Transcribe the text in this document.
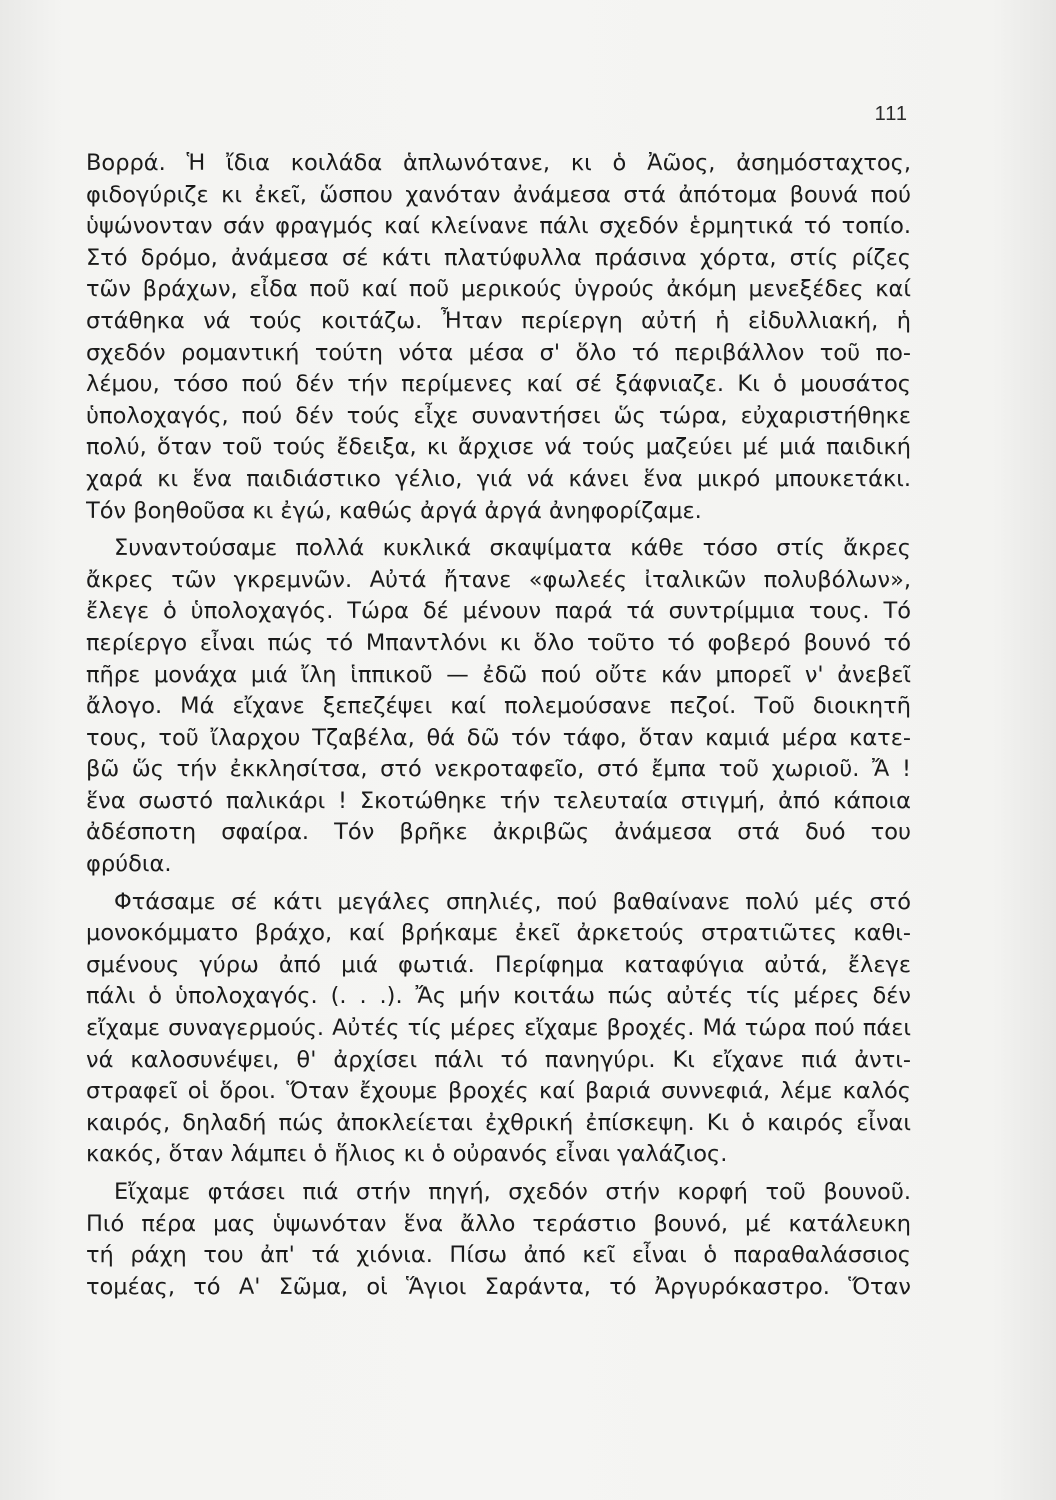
111

Βορρά. Ἡ ἴδια κοιλάδα ἁπλωνότανε, κι ὁ Ἀῶος, ἀσημόσταχτος,
φιδογύριζε κι ἐκεῖ, ὥσπου χανόταν ἀνάμεσα στά ἀπότομα βουνά πού
ὑψώνονταν σάν φραγμός καί κλείνανε πάλι σχεδόν ἑρμητικά τό τοπίο.
Στό δρόμο, ἀνάμεσα σέ κάτι πλατύφυλλα πράσινα χόρτα, στίς ρίζες
τῶν βράχων, εἶδα ποῦ καί ποῦ μερικούς ὑγρούς ἀκόμη μενεξέδες καί
στάθηκα νά τούς κοιτάζω. Ἦταν περίεργη αὐτή ἡ εἰδυλλιακή, ἡ
σχεδόν ρομαντική τούτη νότα μέσα σ' ὅλο τό περιβάλλον τοῦ πο-
λέμου, τόσο πού δέν τήν περίμενες καί σέ ξάφνιαζε. Κι ὁ μουσάτος
ὑπολοχαγός, πού δέν τούς εἶχε συναντήσει ὥς τώρα, εὐχαριστήθηκε
πολύ, ὅταν τοῦ τούς ἔδειξα, κι ἄρχισε νά τούς μαζεύει μέ μιά παιδική
χαρά κι ἕνα παιδιάστικο γέλιο, γιά νά κάνει ἕνα μικρό μπουκετάκι.
Τόν βοηθοῦσα κι ἐγώ, καθώς ἀργά ἀργά ἀνηφορίζαμε.

Συναντούσαμε πολλά κυκλικά σκαψίματα κάθε τόσο στίς ἄκρες
ἄκρες τῶν γκρεμνῶν. Αὐτά ἤτανε «φωλεές ἰταλικῶν πολυβόλων»,
ἔλεγε ὁ ὑπολοχαγός. Τώρα δέ μένουν παρά τά συντρίμμια τους. Τό
περίεργο εἶναι πώς τό Μπαντλόνι κι ὅλο τοῦτο τό φοβερό βουνό τό
πῆρε μονάχα μιά ἴλη ἱππικοῦ — ἐδῶ πού οὔτε κάν μπορεῖ ν' ἀνεβεῖ
ἄλογο. Μά εἴχανε ξεπεζέψει καί πολεμούσανε πεζοί. Τοῦ διοικητῆ
τους, τοῦ ἴλαρχου Τζαβέλα, θά δῶ τόν τάφο, ὅταν καμιά μέρα κατε-
βῶ ὥς τήν ἐκκλησίτσα, στό νεκροταφεῖο, στό ἔμπα τοῦ χωριοῦ. Ἄ !
ἕνα σωστό παλικάρι ! Σκοτώθηκε τήν τελευταία στιγμή, ἀπό κάποια
ἀδέσποτη σφαίρα. Τόν βρῆκε ἀκριβῶς ἀνάμεσα στά δυό του
φρύδια.

Φτάσαμε σέ κάτι μεγάλες σπηλιές, πού βαθαίνανε πολύ μές στό
μονοκόμματο βράχο, καί βρήκαμε ἐκεῖ ἀρκετούς στρατιῶτες καθι-
σμένους γύρω ἀπό μιά φωτιά. Περίφημα καταφύγια αὐτά, ἔλεγε
πάλι ὁ ὑπολοχαγός. (. . .). Ἄς μήν κοιτάω πώς αὐτές τίς μέρες δέν
εἴχαμε συναγερμούς. Αὐτές τίς μέρες εἴχαμε βροχές. Μά τώρα πού πάει
νά καλοσυνέψει, θ' ἀρχίσει πάλι τό πανηγύρι. Κι εἴχανε πιά ἀντι-
στραφεῖ οἱ ὅροι. Ὅταν ἔχουμε βροχές καί βαριά συννεφιά, λέμε καλός
καιρός, δηλαδή πώς ἀποκλείεται ἐχθρική ἐπίσκεψη. Κι ὁ καιρός εἶναι
κακός, ὅταν λάμπει ὁ ἥλιος κι ὁ οὐρανός εἶναι γαλάζιος.

Εἴχαμε φτάσει πιά στήν πηγή, σχεδόν στήν κορφή τοῦ βουνοῦ.
Πιό πέρα μας ὑψωνόταν ἕνα ἄλλο τεράστιο βουνό, μέ κατάλευκη
τή ράχη του ἀπ' τά χιόνια. Πίσω ἀπό κεῖ εἶναι ὁ παραθαλάσσιος
τομέας, τό Α' Σῶμα, οἱ Ἅγιοι Σαράντα, τό Ἀργυρόκαστρο. Ὅταν
